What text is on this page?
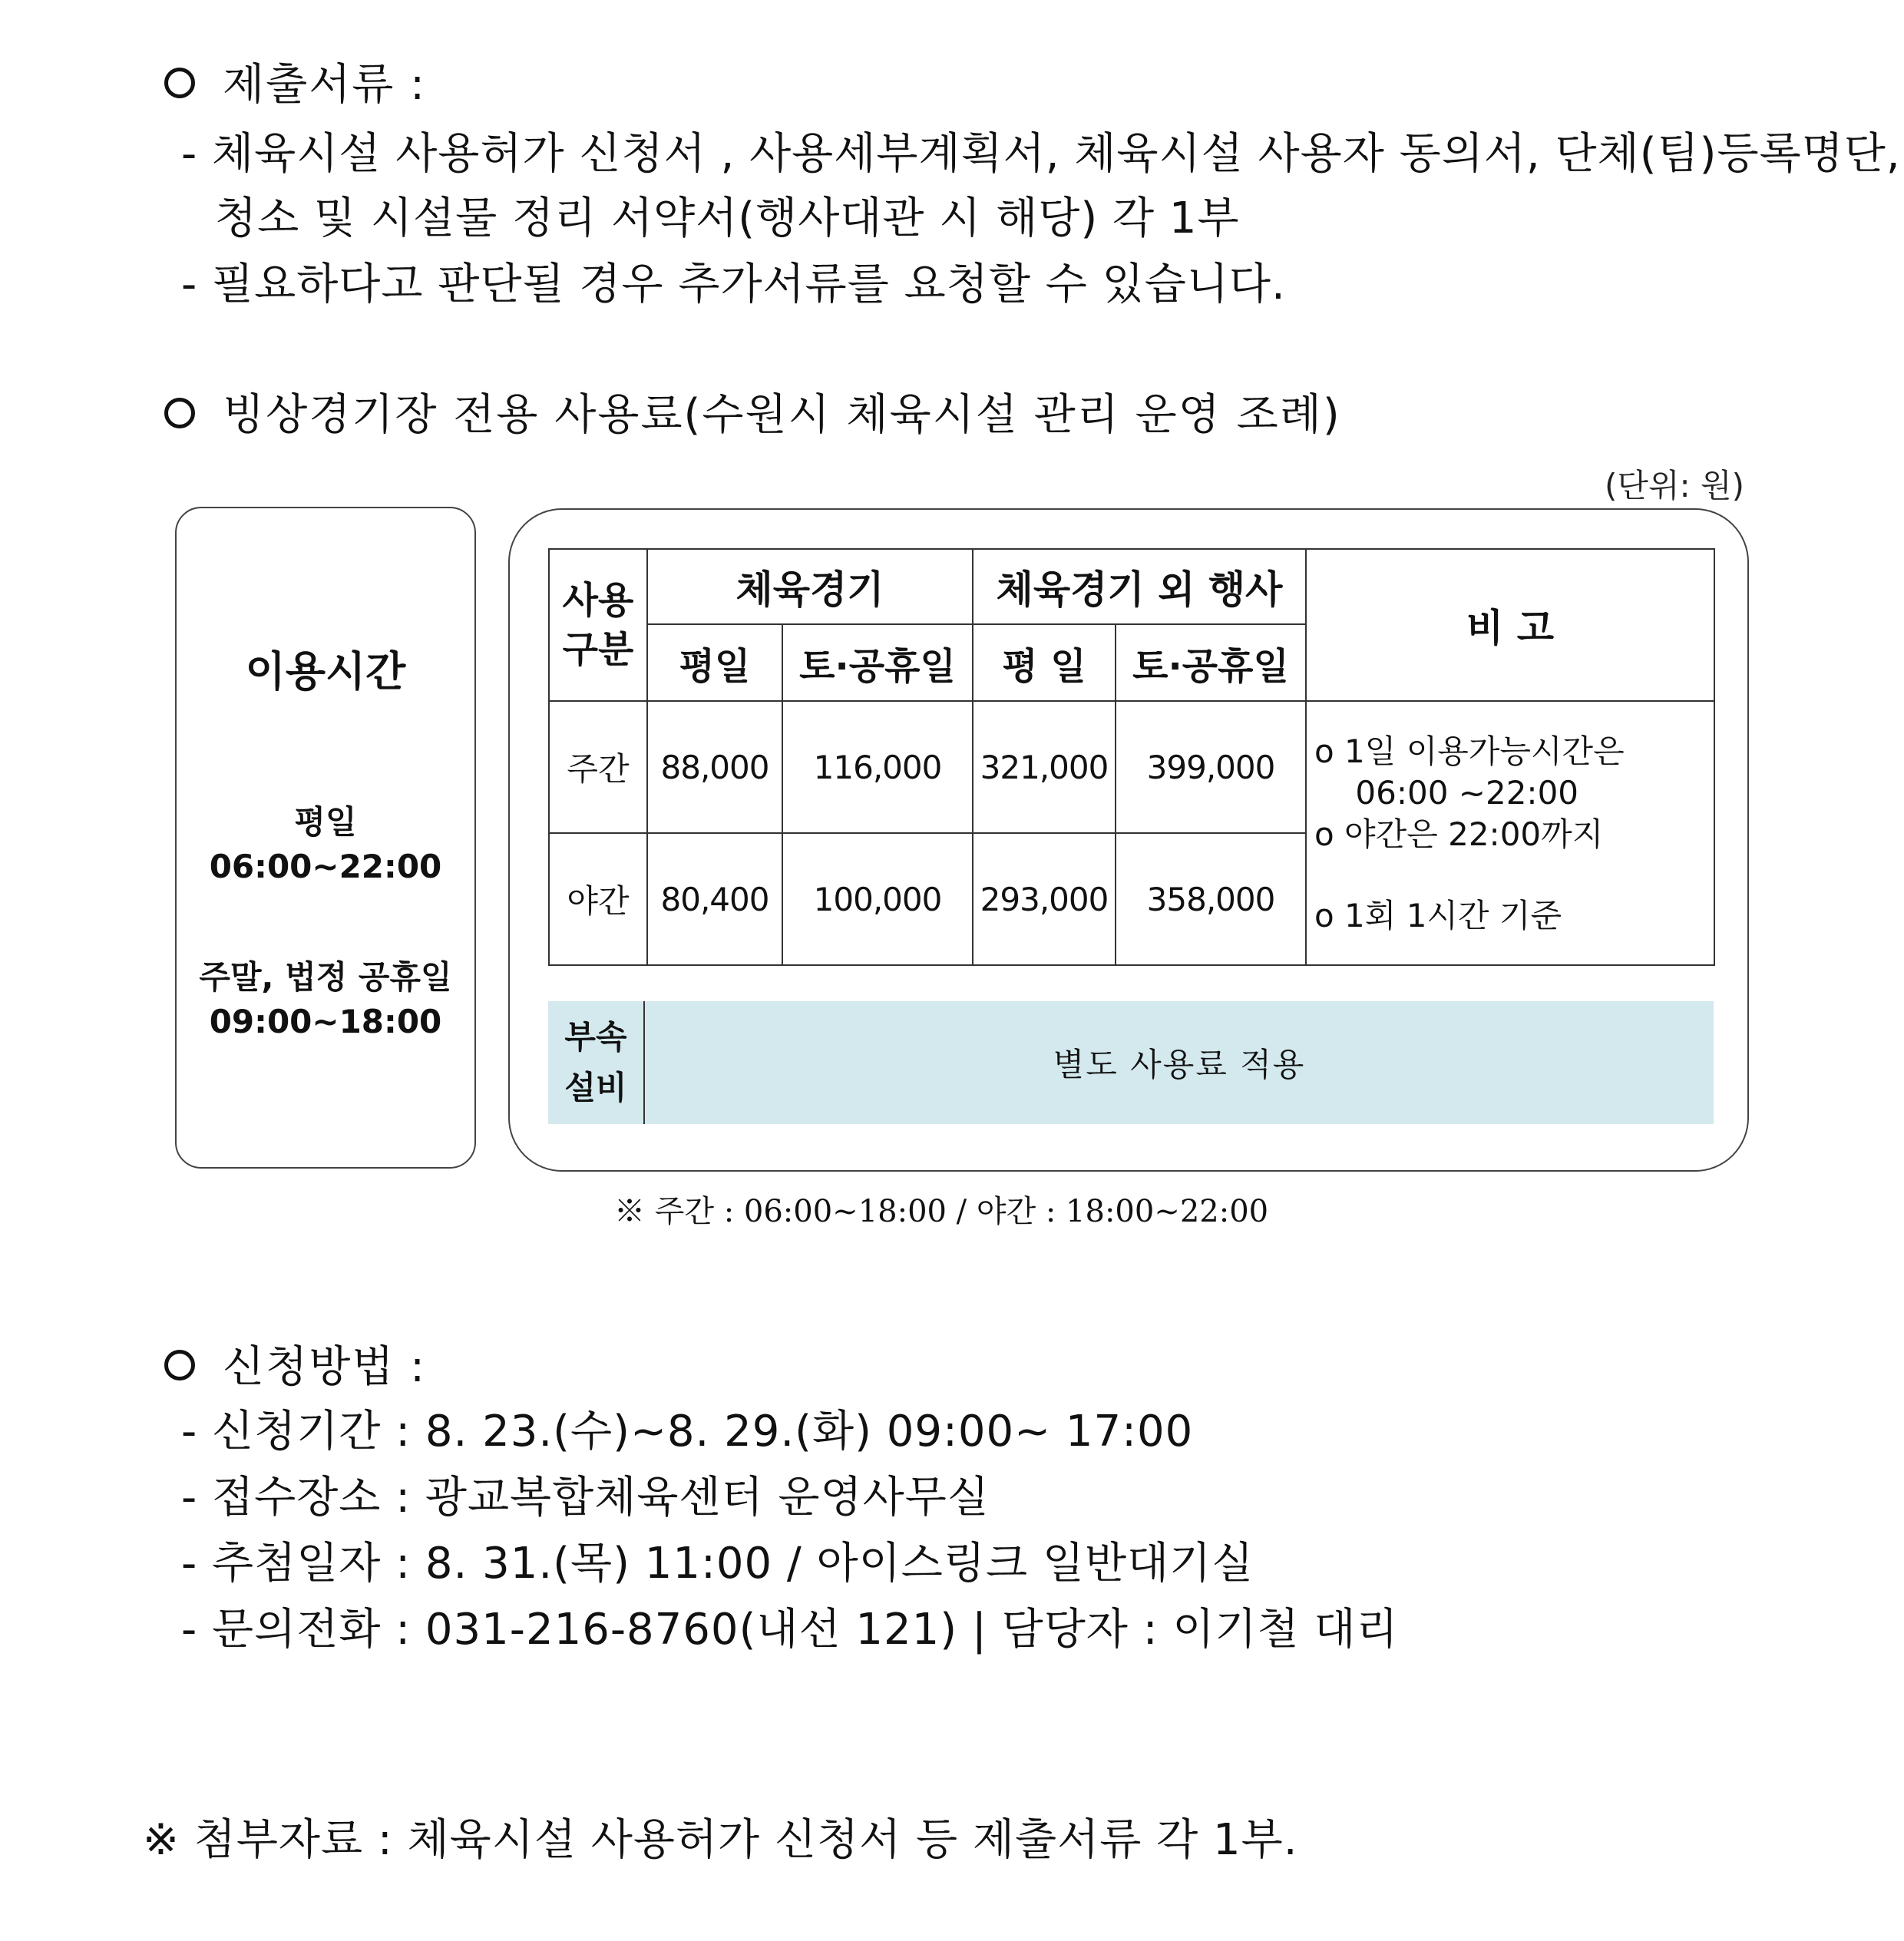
제출서류 :
- 체육시설 사용허가 신청서 , 사용세부계획서, 체육시설 사용자 동의서, 단체(팀)등록명단,
청소 및 시설물 정리 서약서(행사대관 시 해당) 각 1부
- 필요하다고 판단될 경우 추가서류를 요청할 수 있습니다.
빙상경기장 전용 사용료(수원시 체육시설 관리 운영 조례)
(단위: 원)
이용시간
평일
06:00~22:00
주말, 법정 공휴일
09:00~18:00
사용
구분	체육경기		체육경기 외 행사		비 고
	평일	토·공휴일	평 일	토·공휴일	
주간	88,000	116,000	321,000	399,000	o 1일 이용가능시간은
06:00 ~22:00
o 야간은 22:00까지
o 1회 1시간 기준

야간	80,400	100,000	293,000	358,000	
부속
설비
별도 사용료 적용
※ 주간 : 06:00~18:00 / 야간 : 18:00~22:00
신청방법 :
- 신청기간 : 8. 23.(수)~8. 29.(화) 09:00~ 17:00
- 접수장소 : 광교복합체육센터 운영사무실
- 추첨일자 : 8. 31.(목) 11:00 / 아이스링크 일반대기실
- 문의전화 : 031-216-8760(내선 121) | 담당자 : 이기철 대리
※ 첨부자료 : 체육시설 사용허가 신청서 등 제출서류 각 1부.
